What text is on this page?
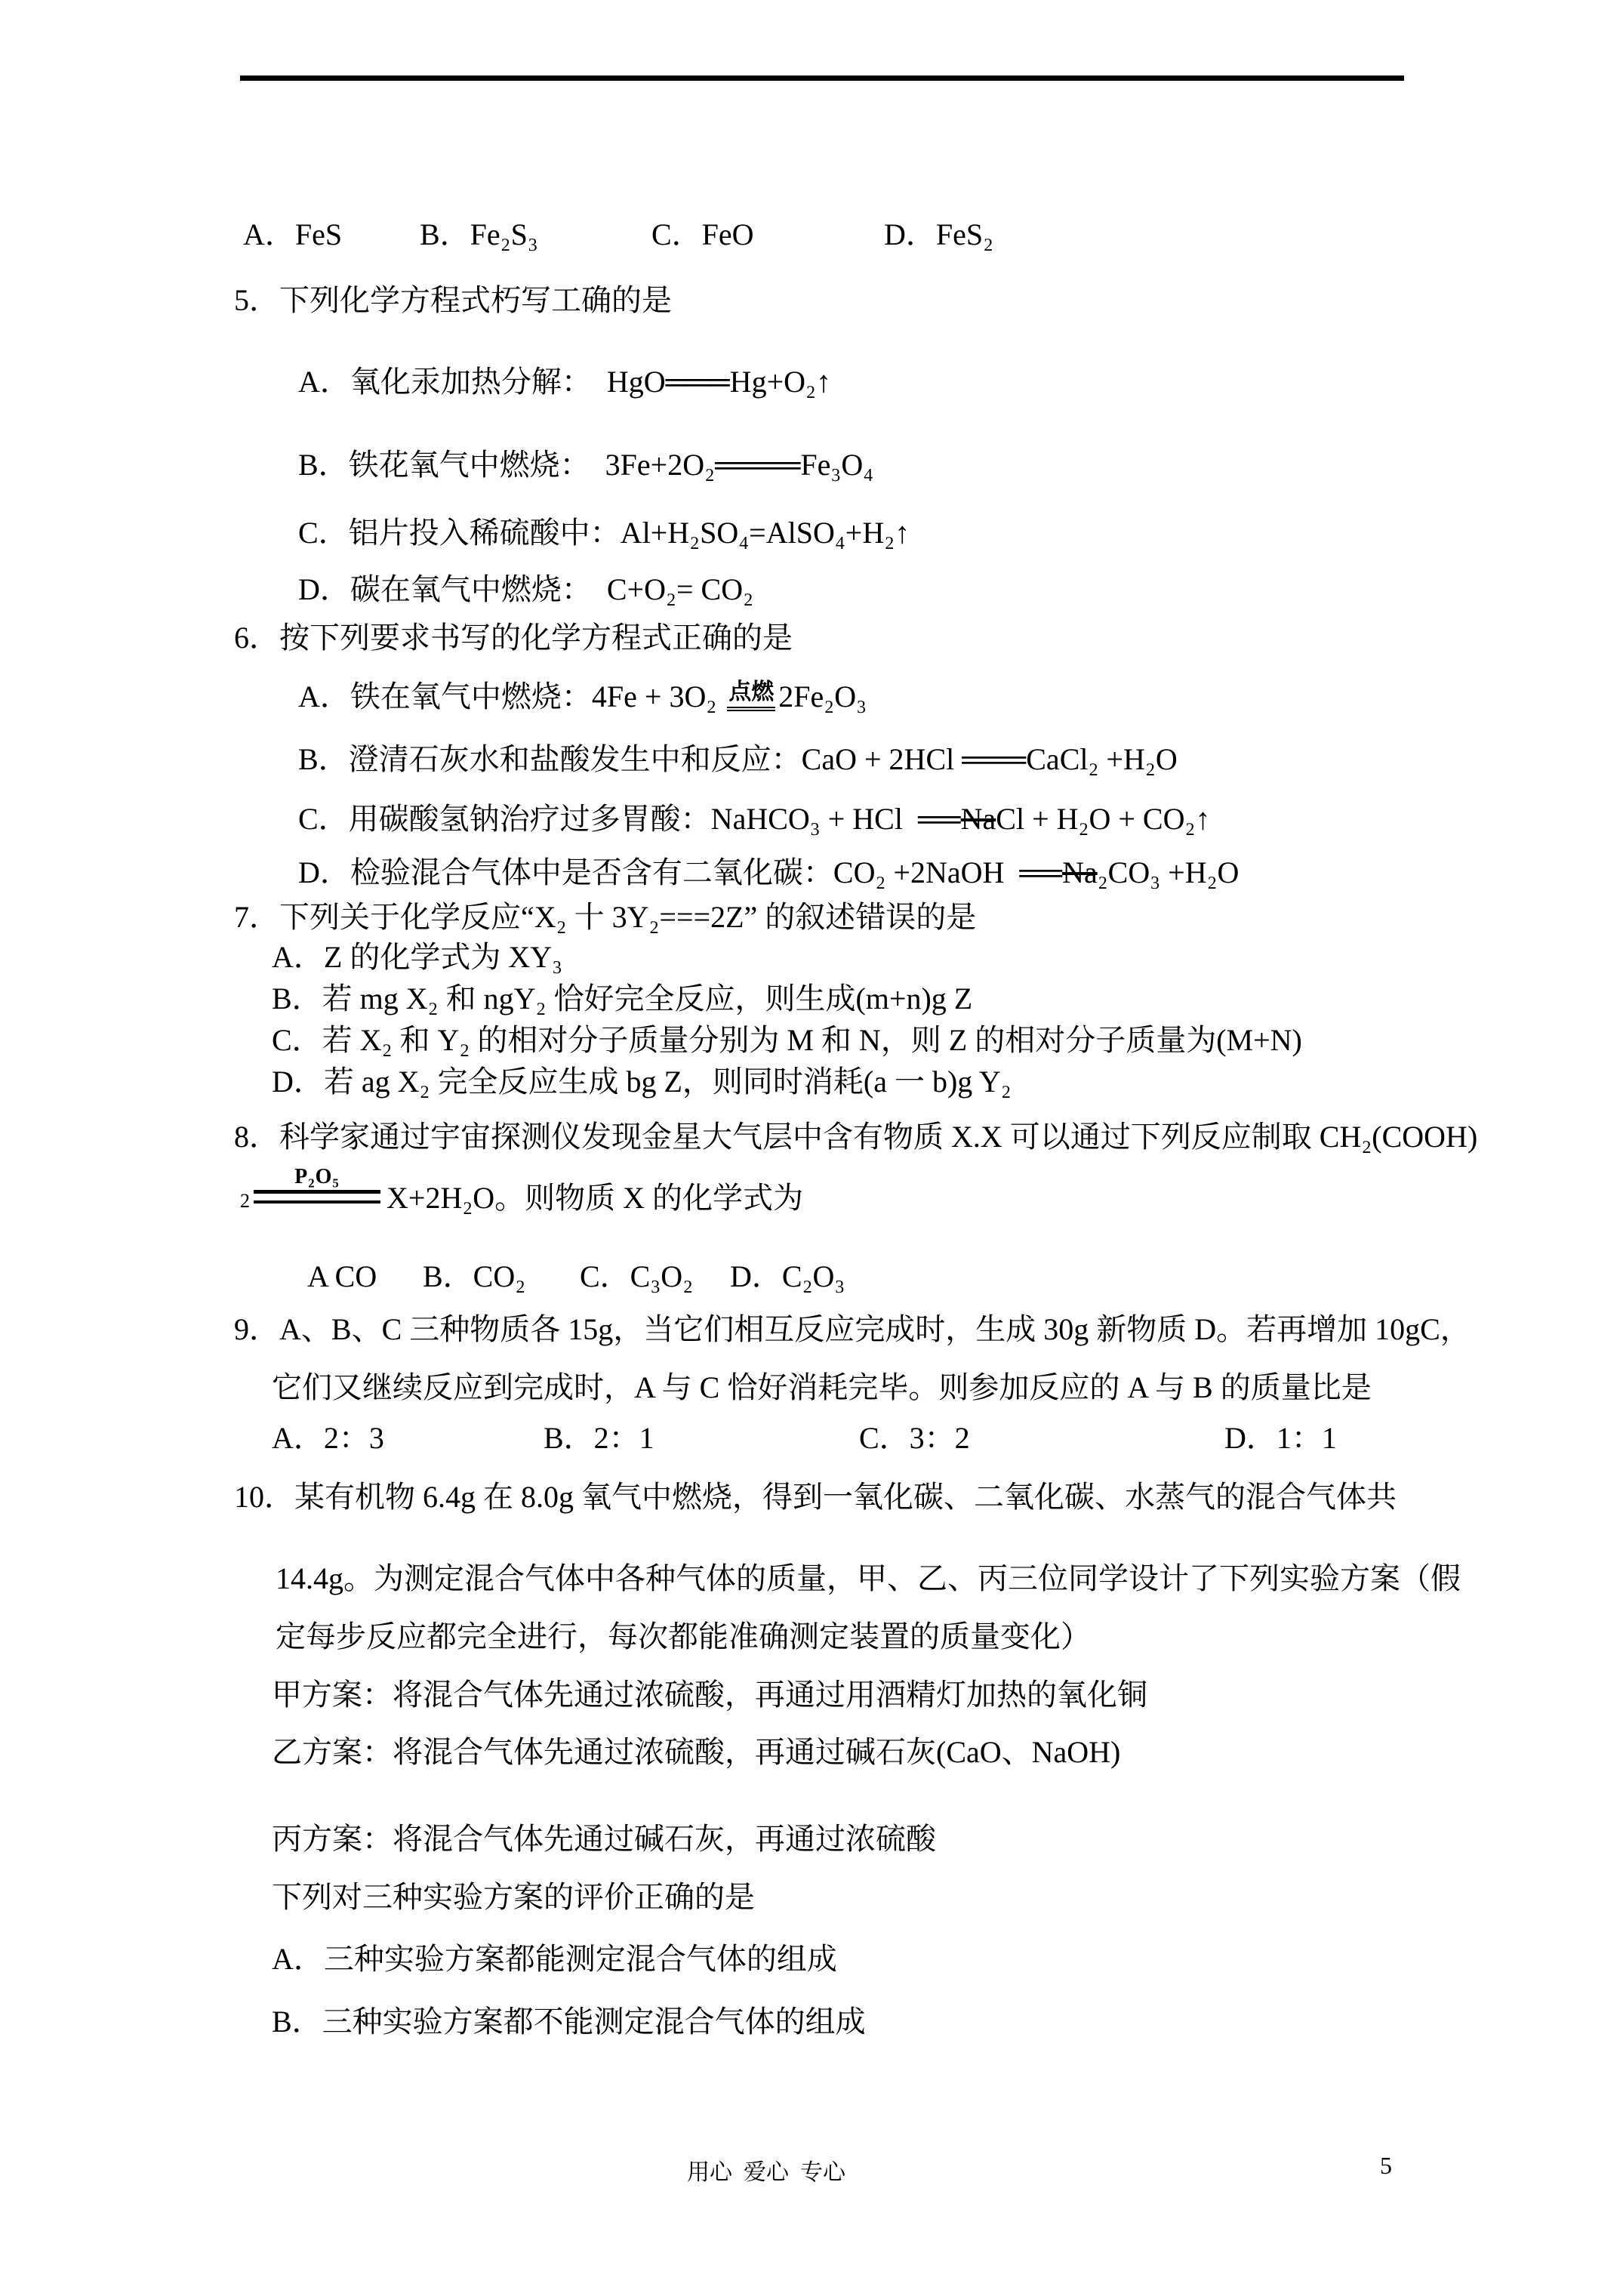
A．FeS	B．Fe₂S₃	C．FeO	D．FeS₂
5．下列化学方程式朽写工确的是
A．氧化汞加热分解：  HgO═══Hg+O₂↑
B．铁花氧气中燃烧：  3Fe+2O₂════Fe₃O₄
C．铝片投入稀硫酸中：Al+H₂SO₄=AlSO₄+H₂↑
D．碳在氧气中燃烧：  C+O₂= CO₂
6．按下列要求书写的化学方程式正确的是
A．铁在氧气中燃烧：4Fe + 3O₂ 点燃 2Fe₂O₃
B．澄清石灰水和盐酸发生中和反应：CaO + 2HCl ═══CaCl₂ +H₂O
C．用碳酸氢钠治疗过多胃酸：NaHCO₃ + HCl  ══NaCl + H₂O + CO₂↑
D．检验混合气体中是否含有二氧化碳：CO₂ +2NaOH  ══Na₂CO₃ +H₂O
7．下列关于化学反应“X₂ 十 3Y₂===2Z” 的叙述错误的是
A．Z 的化学式为 XY₃
B．若 mg X₂ 和 ngY₂ 恰好完全反应，则生成(m+n)g Z
C．若 X₂ 和 Y₂ 的相对分子质量分别为 M 和 N，则 Z 的相对分子质量为(M+N)
D．若 ag X₂ 完全反应生成 bg Z，则同时消耗(a 一 b)g Y₂
8．科学家通过宇宙探测仪发现金星大气层中含有物质 X.X 可以通过下列反应制取 CH₂(COOH)
2
P₂O₅
X+2H₂O。则物质 X 的化学式为
A CO B．CO₂ C．C₃O₂ D．C₂O₃
9．A、B、C 三种物质各 15g，当它们相互反应完成时，生成 30g 新物质 D。若再增加 10gC，
它们又继续反应到完成时，A 与 C 恰好消耗完毕。则参加反应的 A 与 B 的质量比是
A．2：3	B．2：1	C．3：2	D．1：1
10．某有机物 6.4g 在 8.0g 氧气中燃烧，得到一氧化碳、二氧化碳、水蒸气的混合气体共
14.4g。为测定混合气体中各种气体的质量，甲、乙、丙三位同学设计了下列实验方案（假
定每步反应都完全进行，每次都能准确测定装置的质量变化）
甲方案：将混合气体先通过浓硫酸，再通过用酒精灯加热的氧化铜
乙方案：将混合气体先通过浓硫酸，再通过碱石灰(CaO、NaOH)
丙方案：将混合气体先通过碱石灰，再通过浓硫酸
下列对三种实验方案的评价正确的是
A．三种实验方案都能测定混合气体的组成
B．三种实验方案都不能测定混合气体的组成
用心  爱心  专心	5
